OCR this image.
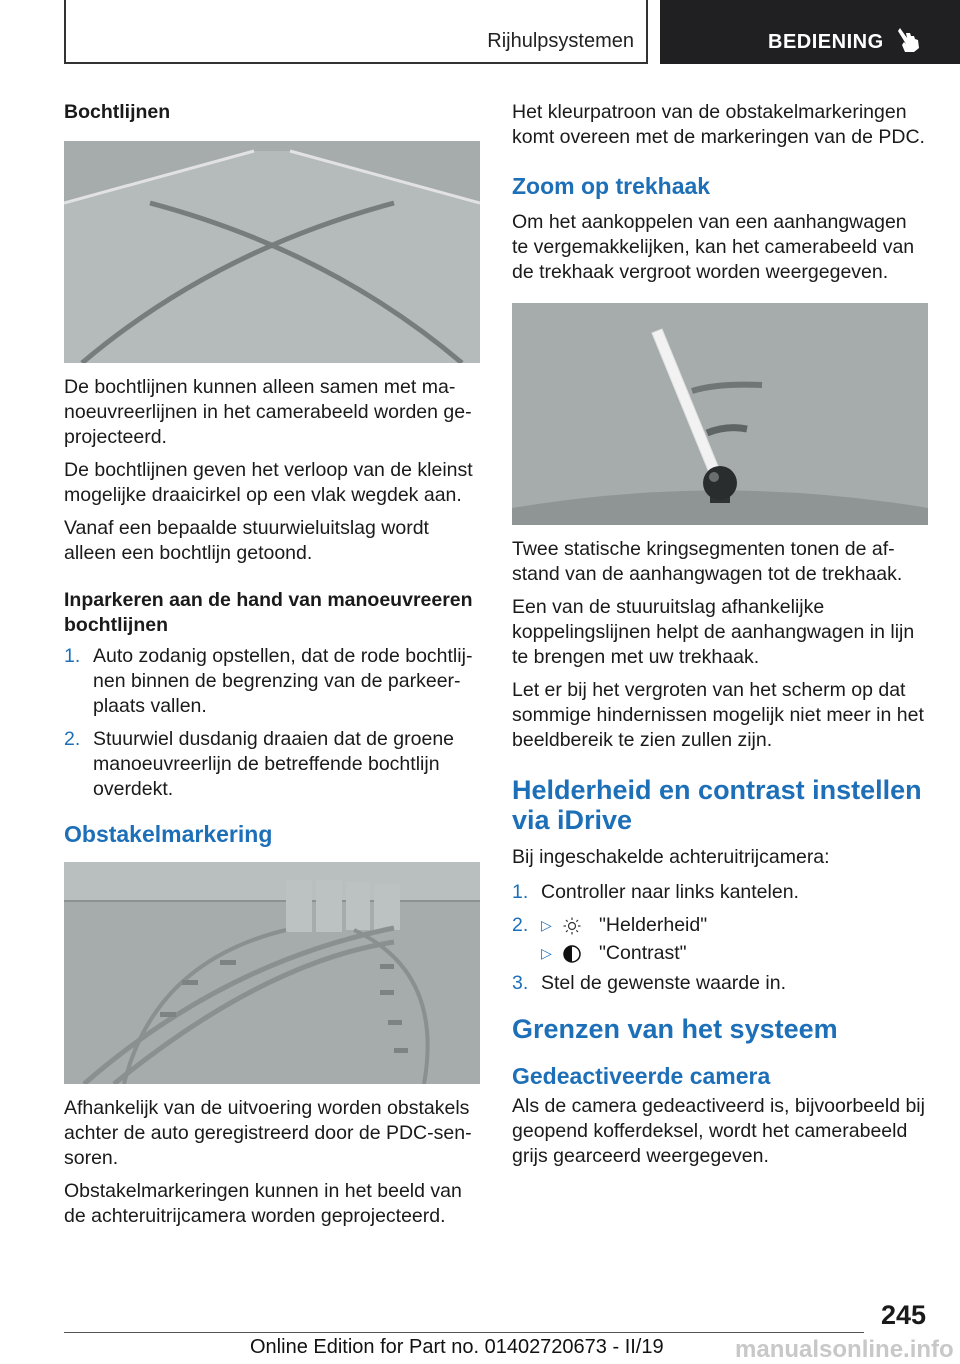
Rijhulpsystemen	BEDIENING
Bochtlijnen

De bochtlijnen kunnen alleen samen met manoeuvreerlijnen in het camerabeeld worden geprojecteerd.

De bochtlijnen geven het verloop van de kleinst mogelijke draaicirkel op een vlak wegdek aan.

Vanaf een bepaalde stuurwieluitslag wordt alleen een bochtlijn getoond.

Inparkeren aan de hand van manoeuvreeren bochtlijnen
1. Auto zodanig opstellen, dat de rode bochtlijnen binnen de begrenzing van de parkeerplaats vallen.
2. Stuurwiel dusdanig draaien dat de groene manoeuvreerlijn de betreffende bochtlijn overdekt.
Obstakelmarkering

Afhankelijk van de uitvoering worden obstakels achter de auto geregistreerd door de PDC-sensoren.

Obstakelmarkeringen kunnen in het beeld van de achteruitrijcamera worden geprojecteerd.

Het kleurpatroon van de obstakelmarkeringen komt overeen met de markeringen van de PDC.

Zoom op trekhaak

Om het aankoppelen van een aanhangwagen te vergemakkelijken, kan het camerabeeld van de trekhaak vergroot worden weergegeven.

Twee statische kringsegmenten tonen de afstand van de aanhangwagen tot de trekhaak.

Een van de stuuruitslag afhankelijke koppelingslijnen helpt de aanhangwagen in lijn te brengen met uw trekhaak.

Let er bij het vergroten van het scherm op dat sommige hindernissen mogelijk niet meer in het beeldbereik te zien zullen zijn.

Helderheid en contrast instellen via iDrive

Bij ingeschakelde achteruitrijcamera:

1. Controller naar links kantelen.
2. ▷ "Helderheid"
▷ "Contrast"
3. Stel de gewenste waarde in.
Grenzen van het systeem
Gedeactiveerde camera

Als de camera gedeactiveerd is, bijvoorbeeld bij geopend kofferdeksel, wordt het camerabeeld grijs gearceerd weergegeven.

245
Online Edition for Part no. 01402720673 - II/19	manualsonline.info
